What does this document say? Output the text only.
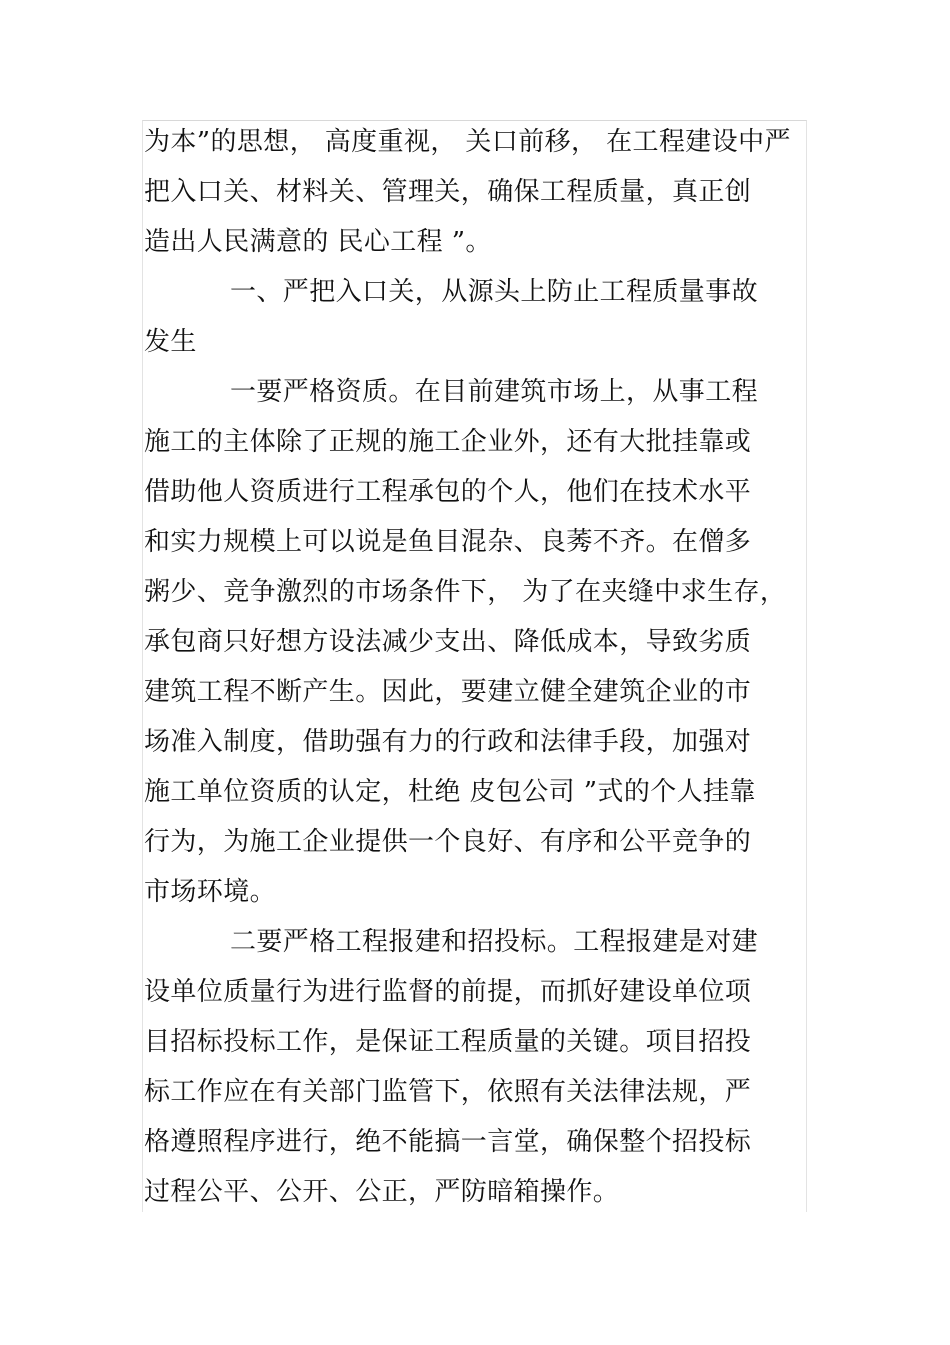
为本”的思想， 高度重视， 关口前移， 在工程建设中严
把入口关、材料关、管理关，确保工程质量，真正创
造出人民满意的 民心工程 ”。
一、严把入口关，从源头上防止工程质量事故
发生
一要严格资质。在目前建筑市场上，从事工程
施工的主体除了正规的施工企业外，还有大批挂靠或
借助他人资质进行工程承包的个人，他们在技术水平
和实力规模上可以说是鱼目混杂、良莠不齐。在僧多
粥少、竞争激烈的市场条件下， 为了在夹缝中求生存，
承包商只好想方设法减少支出、降低成本，导致劣质
建筑工程不断产生。因此，要建立健全建筑企业的市
场准入制度，借助强有力的行政和法律手段，加强对
施工单位资质的认定，杜绝 皮包公司 ”式的个人挂靠
行为，为施工企业提供一个良好、有序和公平竞争的
市场环境。
二要严格工程报建和招投标。工程报建是对建
设单位质量行为进行监督的前提，而抓好建设单位项
目招标投标工作，是保证工程质量的关键。项目招投
标工作应在有关部门监管下，依照有关法律法规，严
格遵照程序进行，绝不能搞一言堂，确保整个招投标
过程公平、公开、公正，严防暗箱操作。
